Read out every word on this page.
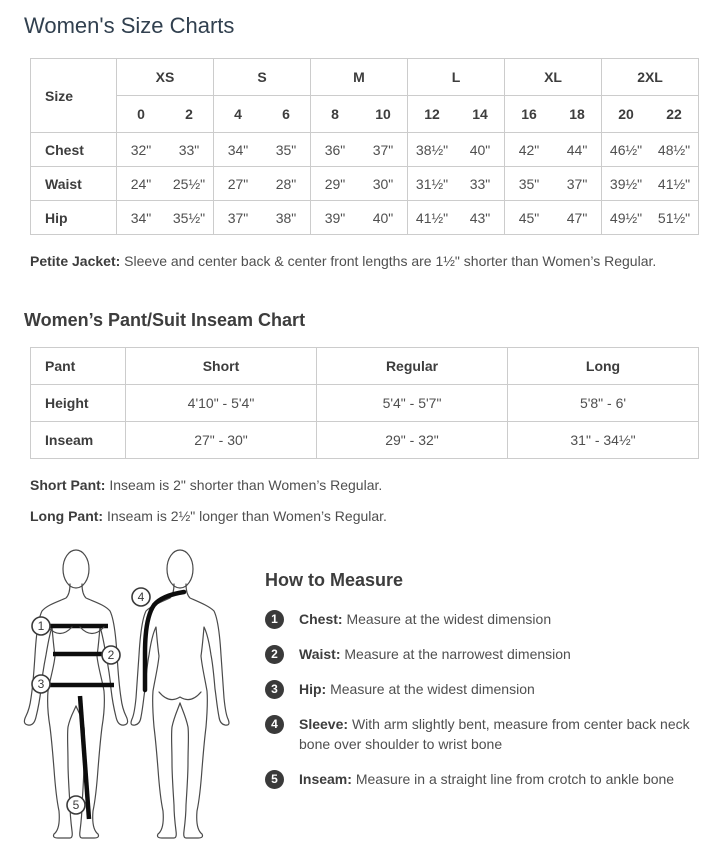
Women's Size Charts
Size	XS		S		M		L		XL		2XL	
	0	2	4	6	8	10	12	14	16	18	20	22
Chest	32"	33"	34"	35"	36"	37"	38½"	40"	42"	44"	46½"	48½"
Waist	24"	25½"	27"	28"	29"	30"	31½"	33"	35"	37"	39½"	41½"
Hip	34"	35½"	37"	38"	39"	40"	41½"	43"	45"	47"	49½"	51½"

Petite Jacket: Sleeve and center back & center front lengths are 1½" shorter than Women’s Regular.

Women’s Pant/Suit Inseam Chart
Pant	Short	Regular	Long
Height	4'10" - 5'4"	5'4" - 5'7"	5'8" - 6'
Inseam	27" - 30"	29" - 32"	31" - 34½"

Short Pant: Inseam is 2" shorter than Women’s Regular.

Long Pant: Inseam is 2½" longer than Women’s Regular.

1
2
3
4
5
How to Measure
1	Chest: Measure at the widest dimension
2	Waist: Measure at the narrowest dimension
3	Hip: Measure at the widest dimension
4	Sleeve: With arm slightly bent, measure from center back neck bone over shoulder to wrist bone
5	Inseam: Measure in a straight line from crotch to ankle bone
